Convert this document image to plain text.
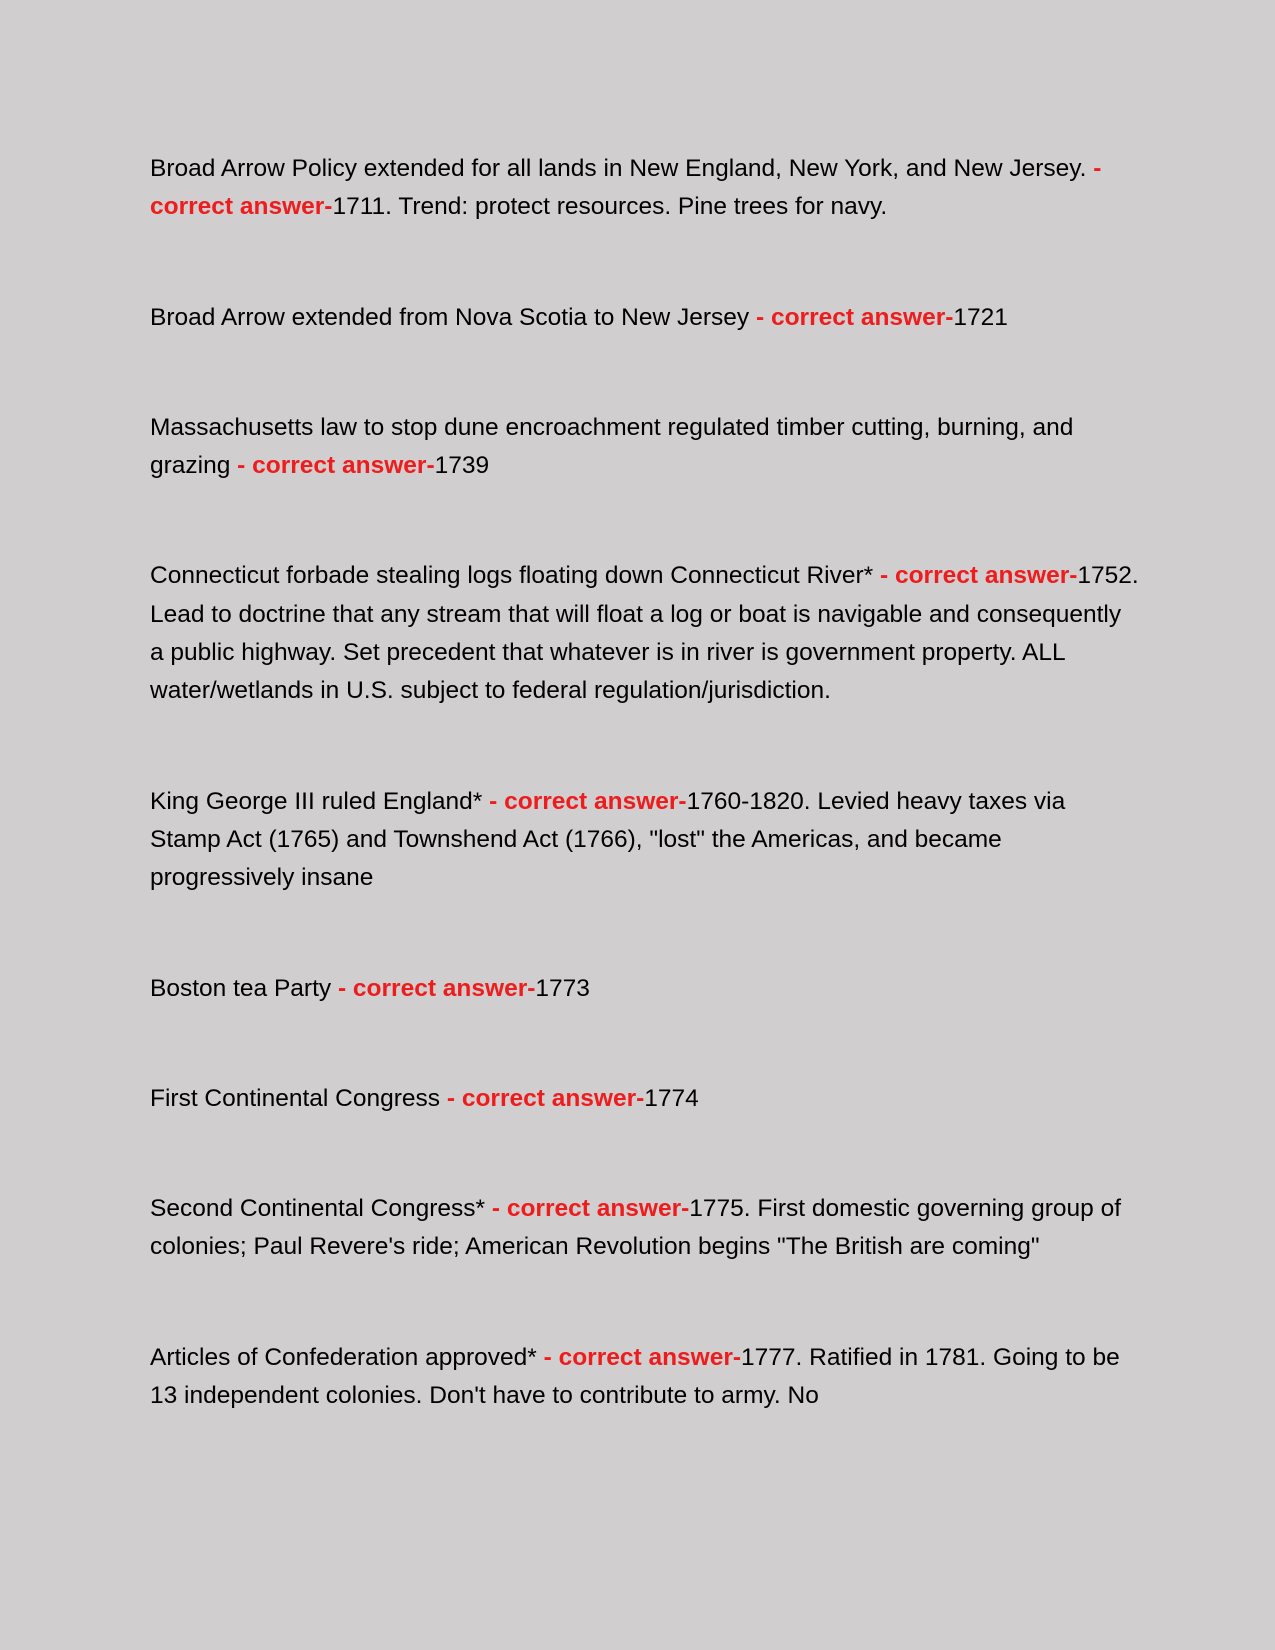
Broad Arrow Policy extended for all lands in New England, New York, and New Jersey. - correct answer-1711. Trend: protect resources. Pine trees for navy.

Broad Arrow extended from Nova Scotia to New Jersey - correct answer-1721

Massachusetts law to stop dune encroachment regulated timber cutting, burning, and grazing - correct answer-1739

Connecticut forbade stealing logs floating down Connecticut River* - correct answer-1752. Lead to doctrine that any stream that will float a log or boat is navigable and consequently a public highway. Set precedent that whatever is in river is government property. ALL water/wetlands in U.S. subject to federal regulation/jurisdiction.

King George III ruled England* - correct answer-1760-1820. Levied heavy taxes via Stamp Act (1765) and Townshend Act (1766), "lost" the Americas, and became progressively insane

Boston tea Party - correct answer-1773

First Continental Congress - correct answer-1774

Second Continental Congress* - correct answer-1775. First domestic governing group of colonies; Paul Revere's ride; American Revolution begins "The British are coming"

Articles of Confederation approved* - correct answer-1777. Ratified in 1781. Going to be 13 independent colonies. Don't have to contribute to army. No
